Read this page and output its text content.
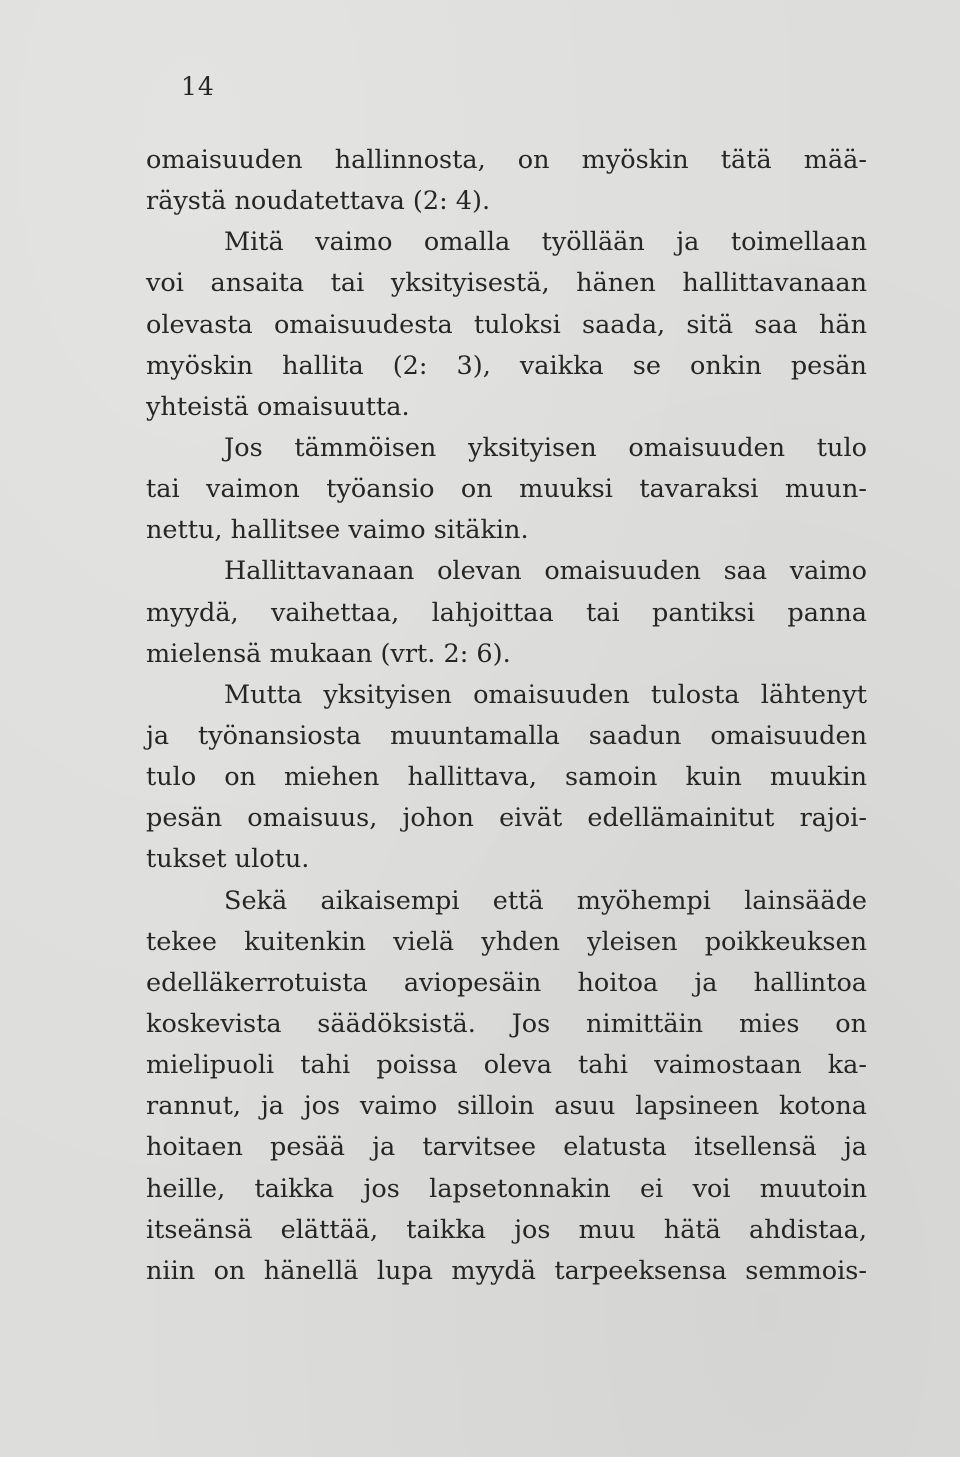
14
omaisuuden hallinnosta, on myöskin tätä mää-
räystä noudatettava (2: 4).
Mitä vaimo omalla työllään ja toimellaan
voi ansaita tai yksityisestä, hänen hallittavanaan
olevasta omaisuudesta tuloksi saada, sitä saa hän
myöskin hallita (2: 3), vaikka se onkin pesän
yhteistä omaisuutta.
Jos tämmöisen yksityisen omaisuuden tulo
tai vaimon työansio on muuksi tavaraksi muun-
nettu, hallitsee vaimo sitäkin.
Hallittavanaan olevan omaisuuden saa vaimo
myydä, vaihettaa, lahjoittaa tai pantiksi panna
mielensä mukaan (vrt. 2: 6).
Mutta yksityisen omaisuuden tulosta lähtenyt
ja työnansiosta muuntamalla saadun omaisuuden
tulo on miehen hallittava, samoin kuin muukin
pesän omaisuus, johon eivät edellämainitut rajoi-
tukset ulotu.
Sekä aikaisempi että myöhempi lainsääde
tekee kuitenkin vielä yhden yleisen poikkeuksen
edelläkerrotuista aviopesäin hoitoa ja hallintoa
koskevista säädöksistä. Jos nimittäin mies on
mielipuoli tahi poissa oleva tahi vaimostaan ka-
rannut, ja jos vaimo silloin asuu lapsineen kotona
hoitaen pesää ja tarvitsee elatusta itsellensä ja
heille, taikka jos lapsetonnakin ei voi muutoin
itseänsä elättää, taikka jos muu hätä ahdistaa,
niin on hänellä lupa myydä tarpeeksensa semmois-
